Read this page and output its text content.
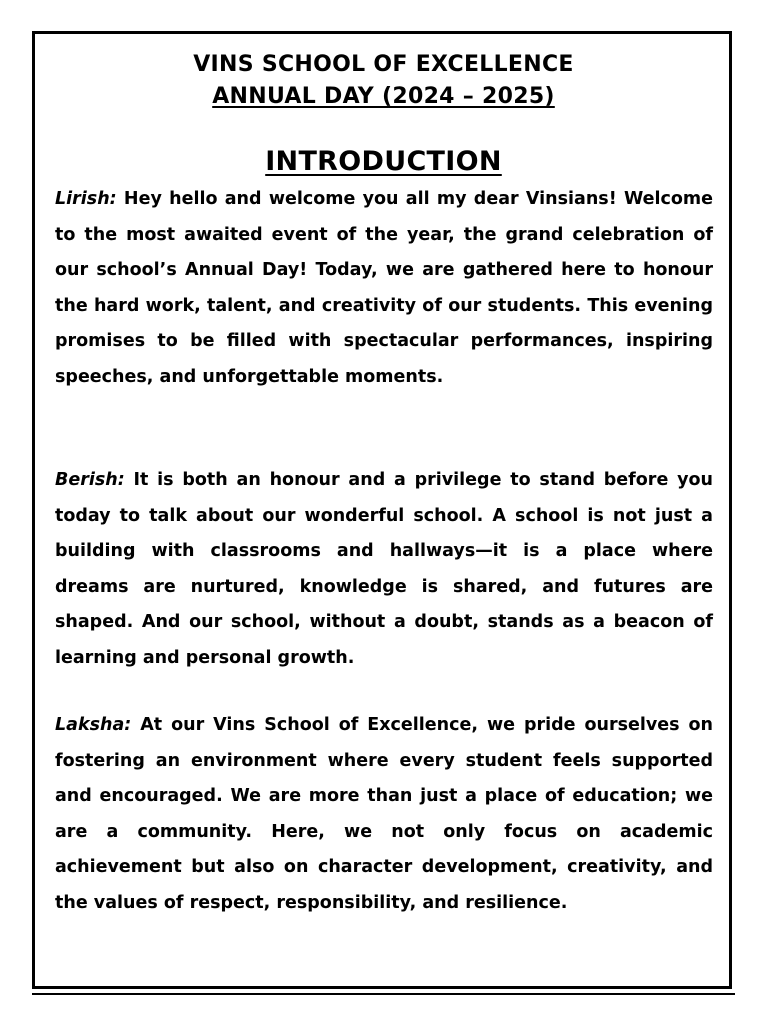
VINS SCHOOL OF EXCELLENCE
ANNUAL DAY (2024 – 2025)
INTRODUCTION

Lirish: Hey hello and welcome you all my dear Vinsians! Welcome to the most awaited event of the year, the grand celebration of our school’s Annual Day! Today, we are gathered here to honour the hard work, talent, and creativity of our students. This evening promises to be filled with spectacular performances, inspiring speeches, and unforgettable moments.

Berish: It is both an honour and a privilege to stand before you today to talk about our wonderful school. A school is not just a building with classrooms and hallways—it is a place where dreams are nurtured, knowledge is shared, and futures are shaped. And our school, without a doubt, stands as a beacon of learning and personal growth.

Laksha: At our Vins School of Excellence, we pride ourselves on fostering an environment where every student feels supported and encouraged. We are more than just a place of education; we are a community. Here, we not only focus on academic achievement but also on character development, creativity, and the values of respect, responsibility, and resilience.
